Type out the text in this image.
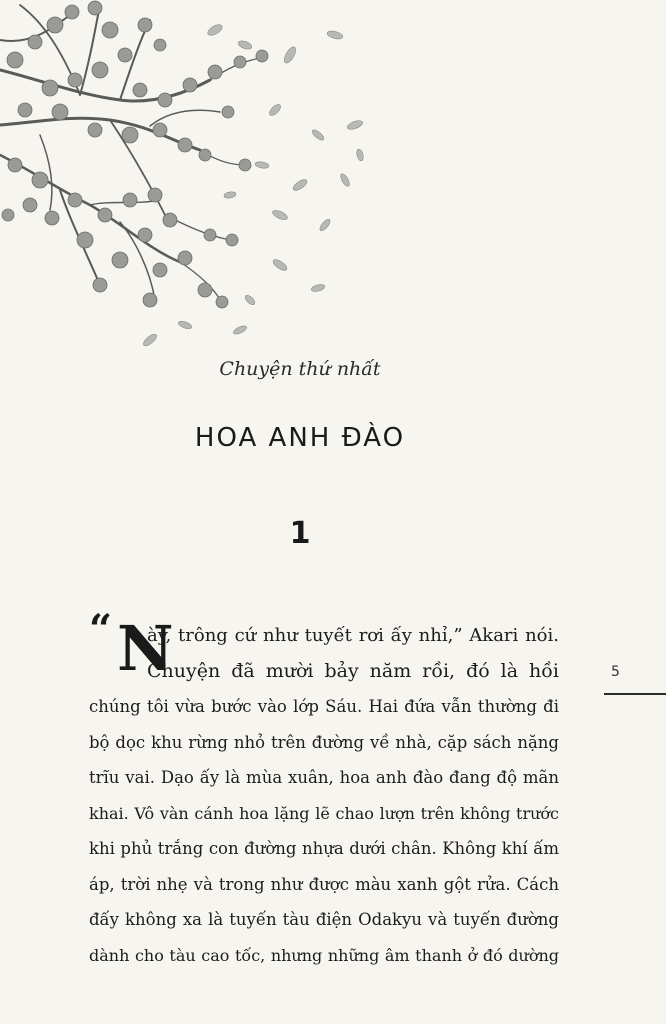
Chuyện thứ nhất
HOA ANH ĐÀO
1
5
“ N
ày, trông cứ như tuyết rơi ấy nhỉ,” Akari nói.
Chuyện đã mười bảy năm rồi, đó là hồi
chúng tôi vừa bước vào lớp Sáu. Hai đứa vẫn thường đi
bộ dọc khu rừng nhỏ trên đường về nhà, cặp sách nặng
trĩu vai. Dạo ấy là mùa xuân, hoa anh đào đang độ mãn
khai. Vô vàn cánh hoa lặng lẽ chao lượn trên không trước
khi phủ trắng con đường nhựa dưới chân. Không khí ấm
áp, trời nhẹ và trong như được màu xanh gột rửa. Cách
đấy không xa là tuyến tàu điện Odakyu và tuyến đường
dành cho tàu cao tốc, nhưng những âm thanh ở đó dường
